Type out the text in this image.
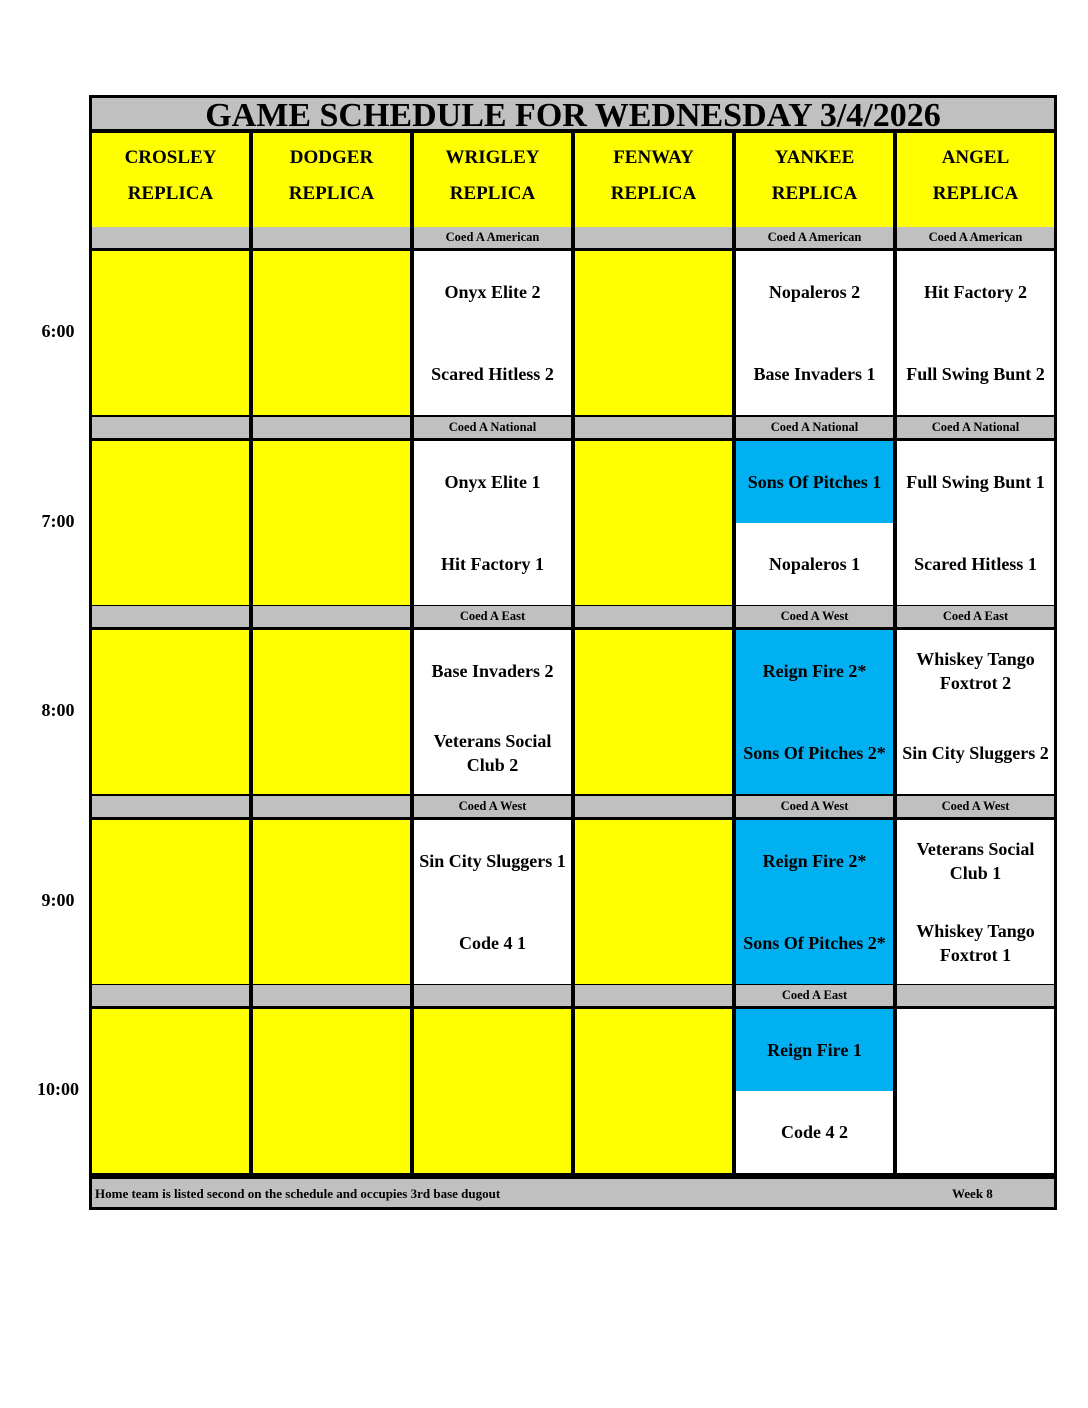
GAME SCHEDULE FOR WEDNESDAY 3/4/2026
Home team is listed second on the schedule and occupies 3rd base dugout	Week 8
CROSLEY
REPLICA
DODGER
REPLICA
WRIGLEY
REPLICA
FENWAY
REPLICA
YANKEE
REPLICA
ANGEL
REPLICA
Coed A American
Onyx Elite 2
Scared Hitless 2
Coed A American
Nopaleros 2
Base Invaders 1
Coed A American
Hit Factory 2
Full Swing Bunt 2
Coed A National
Onyx Elite 1
Hit Factory 1
Coed A National
Sons Of Pitches 1
Nopaleros 1
Coed A National
Full Swing Bunt 1
Scared Hitless 1
Coed A East
Base Invaders 2
Veterans Social Club 2
Coed A West
Reign Fire 2*
Sons Of Pitches 2*
Coed A East
Whiskey Tango Foxtrot 2
Sin City Sluggers 2
Coed A West
Sin City Sluggers 1
Code 4 1
Coed A West
Reign Fire 2*
Sons Of Pitches 2*
Coed A West
Veterans Social Club 1
Whiskey Tango Foxtrot 1
Coed A East
Reign Fire 1
Code 4 2
6:00
7:00
8:00
9:00
10:00
